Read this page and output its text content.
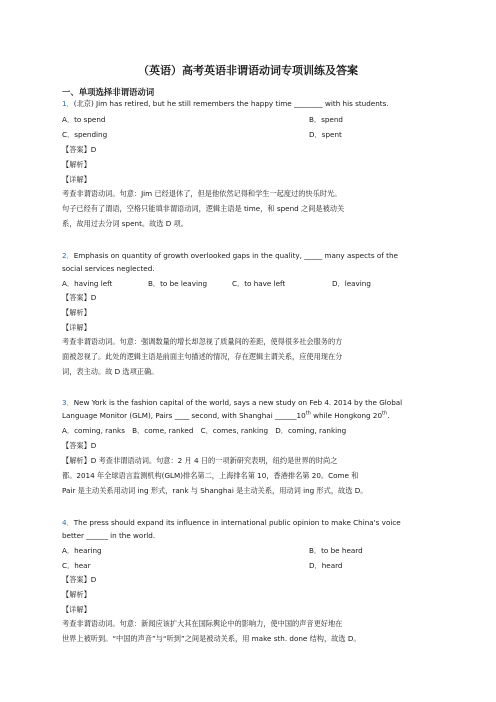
（英语）高考英语非谓语动词专项训练及答案
一、单项选择非谓语动词
1．(北京) Jim has retired, but he still remembers the happy time ________ with his students.
A．to spend	B．spend
C．spending	D．spent
【答案】D
【解析】
【详解】
考查非谓语动词。句意：Jim 已经退休了，但是他依然记得和学生一起度过的快乐时光。
句子已经有了谓语，空格只能填非谓语动词，逻辑主语是 time，和 spend 之间是被动关
系，故用过去分词 spent。故选 D 项。
2．Emphasis on quantity of growth overlooked gaps in the quality, _____ many aspects of the
social services neglected.
A．having left	B．to be leaving	C．to have left	D．leaving
【答案】D
【解析】
【详解】
考查非谓语动词。句意：强调数量的增长却忽视了质量间的差距，使得很多社会服务的方
面被忽视了。此处的逻辑主语是前面主句描述的情况，存在逻辑主谓关系，应使用现在分
词，表主动。故 D 选项正确。
3．New York is the fashion capital of the world, says a new study on Feb 4. 2014 by the Global
Language Monitor (GLM), Pairs ____ second, with Shanghai ______10th while Hongkong 20th.
A．coming, ranks　B．come, ranked　C．comes, ranking　D．coming, ranking
【答案】D
【解析】D 考查非谓语动词。句意：2 月 4 日的一项新研究表明，纽约是世界的时尚之
都。2014 年全球语言监测机构(GLM)排名第二，上海排名第 10，香港排名第 20。Come 和
Pair 是主动关系用动词 ing 形式，rank 与 Shanghai 是主动关系，用动词 ing 形式，故选 D。
4．The press should expand its influence in international public opinion to make China's voice
better ______ in the world.
A．hearing	B．to be heard
C．hear	D．heard
【答案】D
【解析】
【详解】
考查非谓语动词。句意：新闻应该扩大其在国际舆论中的影响力，使中国的声音更好地在
世界上被听到。“中国的声音”与“听到”之间是被动关系，用 make sth. done 结构，故选 D。
